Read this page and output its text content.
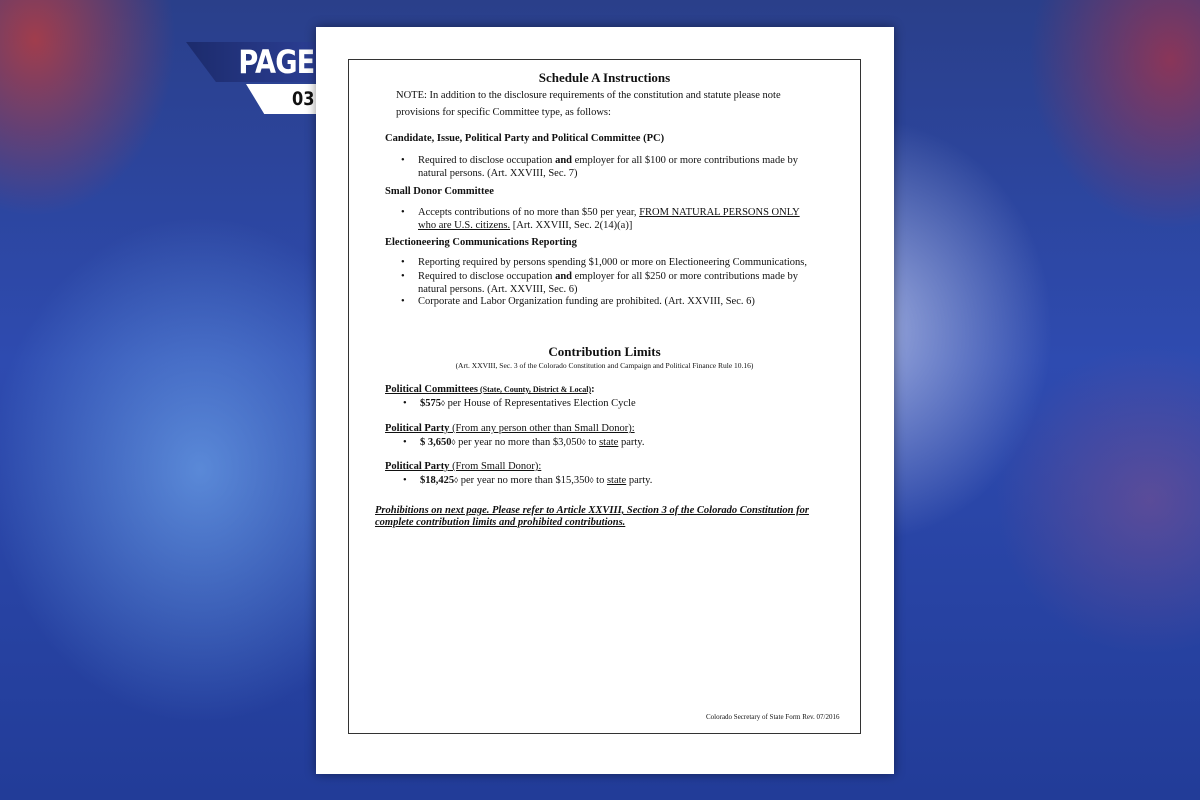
PAGE
03
Schedule A Instructions
NOTE: In addition to the disclosure requirements of the constitution and statute please note
provisions for specific Committee type, as follows:
Candidate, Issue, Political Party and Political Committee (PC)
• Required to disclose occupation and employer for all $100 or more contributions made by
natural persons. (Art. XXVIII, Sec. 7)
Small Donor Committee
• Accepts contributions of no more than $50 per year, FROM NATURAL PERSONS ONLY
who are U.S. citizens. [Art. XXVIII, Sec. 2(14)(a)]
Electioneering Communications Reporting
• Reporting required by persons spending $1,000 or more on Electioneering Communications,
• Required to disclose occupation and employer for all $250 or more contributions made by
natural persons. (Art. XXVIII, Sec. 6)
• Corporate and Labor Organization funding are prohibited. (Art. XXVIII, Sec. 6)
Contribution Limits
(Art. XXVIII, Sec. 3 of the Colorado Constitution and Campaign and Political Finance Rule 10.16)
Political Committees (State, County, District & Local):
• $575◊ per House of Representatives Election Cycle
Political Party (From any person other than Small Donor):
• $ 3,650◊ per year no more than $3,050◊ to state party.
Political Party (From Small Donor):
• $18,425◊ per year no more than $15,350◊ to state party.
Prohibitions on next page. Please refer to Article XXVIII, Section 3 of the Colorado Constitution for
complete contribution limits and prohibited contributions.
Colorado Secretary of State Form Rev. 07/2016
